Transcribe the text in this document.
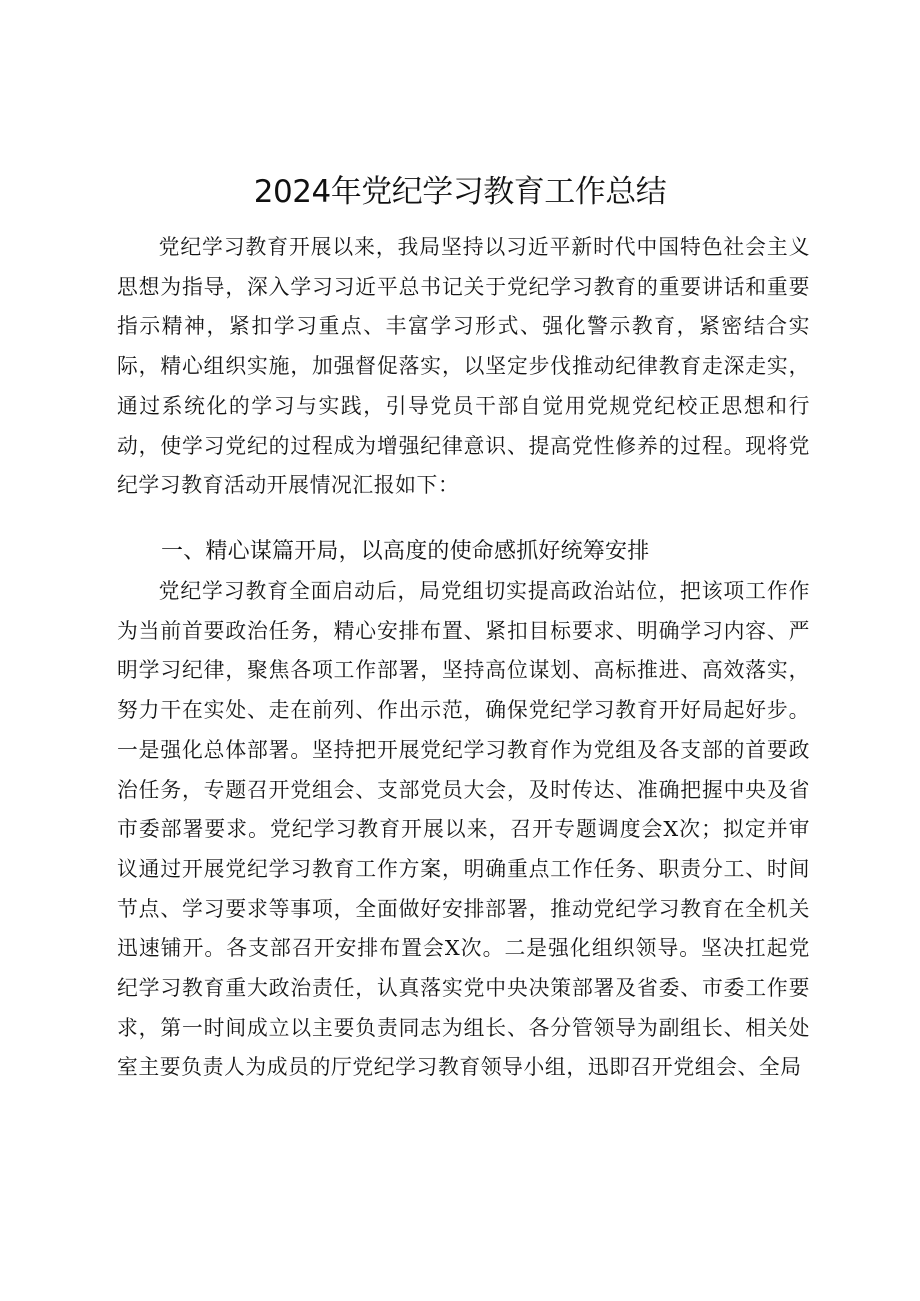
2024年党纪学习教育工作总结

党纪学习教育开展以来，我局坚持以习近平新时代中国特色社会主义思想为指导，深入学习习近平总书记关于党纪学习教育的重要讲话和重要指示精神，紧扣学习重点、丰富学习形式、强化警示教育，紧密结合实际，精心组织实施，加强督促落实，以坚定步伐推动纪律教育走深走实，通过系统化的学习与实践，引导党员干部自觉用党规党纪校正思想和行动，使学习党纪的过程成为增强纪律意识、提高党性修养的过程。现将党纪学习教育活动开展情况汇报如下：

一、精心谋篇开局，以高度的使命感抓好统筹安排

党纪学习教育全面启动后，局党组切实提高政治站位，把该项工作作为当前首要政治任务，精心安排布置、紧扣目标要求、明确学习内容、严明学习纪律，聚焦各项工作部署，坚持高位谋划、高标推进、高效落实，努力干在实处、走在前列、作出示范，确保党纪学习教育开好局起好步。一是强化总体部署。坚持把开展党纪学习教育作为党组及各支部的首要政治任务，专题召开党组会、支部党员大会，及时传达、准确把握中央及省市委部署要求。党纪学习教育开展以来，召开专题调度会X次；拟定并审议通过开展党纪学习教育工作方案，明确重点工作任务、职责分工、时间节点、学习要求等事项，全面做好安排部署，推动党纪学习教育在全机关迅速铺开。各支部召开安排布置会X次。二是强化组织领导。坚决扛起党纪学习教育重大政治责任，认真落实党中央决策部署及省委、市委工作要求，第一时间成立以主要负责同志为组长、各分管领导为副组长、相关处室主要负责人为成员的厅党纪学习教育领导小组，迅即召开党组会、全局
